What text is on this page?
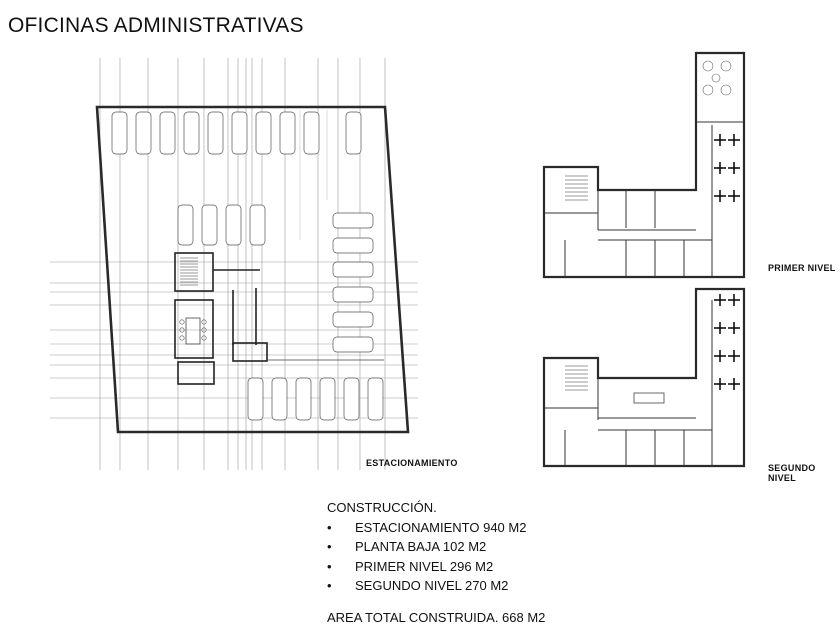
OFICINAS ADMINISTRATIVAS
ESTACIONAMIENTO
PRIMER NIVEL
SEGUNDO NIVEL
CONSTRUCCIÓN.
• ESTACIONAMIENTO 940 M2
• PLANTA BAJA 102 M2
• PRIMER NIVEL 296 M2
• SEGUNDO NIVEL 270 M2
AREA TOTAL CONSTRUIDA. 668 M2
